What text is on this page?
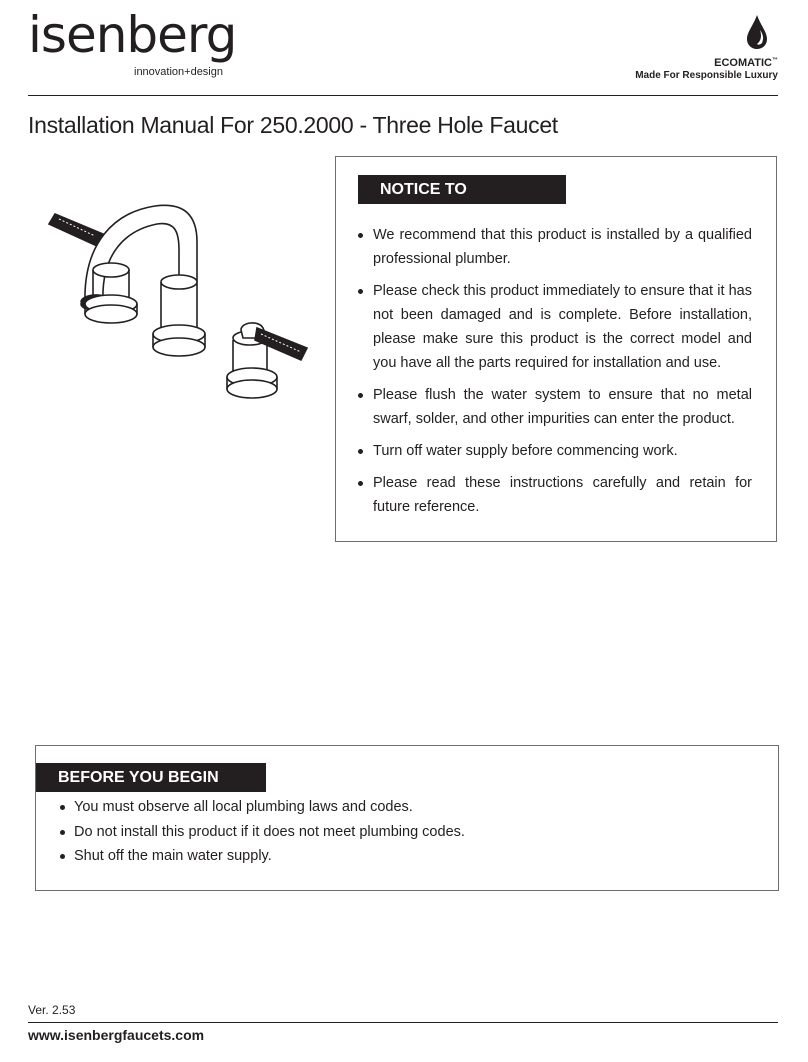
isenberg
innovation+design
ECOMATIC™
Made For Responsible Luxury
Installation Manual For 250.2000 - Three Hole Faucet
NOTICE TO HOMEOWNER
We recommend that this product is installed by a qualified professional plumber.
Please check this product immediately to ensure that it has not been damaged and is complete. Before installation, please make sure this product is the correct model and you have all the parts required for installation and use.
Please flush the water system to ensure that no metal swarf, solder, and other impurities can enter the product.
Turn off water supply before commencing work.
Please read these instructions carefully and retain for future reference.
BEFORE YOU BEGIN
You must observe all local plumbing laws and codes.
Do not install this product if it does not meet plumbing codes.
Shut off the main water supply.
Ver. 2.53
www.isenbergfaucets.com
